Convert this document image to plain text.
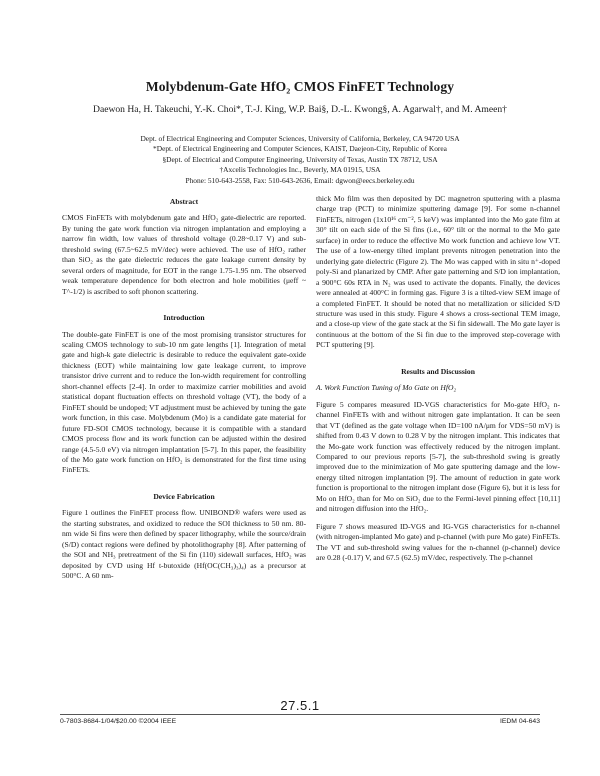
Molybdenum-Gate HfO₂ CMOS FinFET Technology
Daewon Ha, H. Takeuchi, Y.-K. Choi*, T.-J. King, W.P. Bai§, D.-L. Kwong§, A. Agarwal†, and M. Ameen†
Dept. of Electrical Engineering and Computer Sciences, University of California, Berkeley, CA 94720 USA
*Dept. of Electrical Engineering and Computer Sciences, KAIST, Daejeon-City, Republic of Korea
§Dept. of Electrical and Computer Engineering, University of Texas, Austin TX 78712, USA
†Axcelis Technologies Inc., Beverly, MA 01915, USA
Phone: 510-643-2558, Fax: 510-643-2636, Email: dgwon@eecs.berkeley.edu
Abstract

CMOS FinFETs with molybdenum gate and HfO₂ gate-dielectric are reported. By tuning the gate work function via nitrogen implantation and employing a narrow fin width, low values of threshold voltage (0.28~0.17 V) and sub-threshold swing (67.5~62.5 mV/dec) were achieved. The use of HfO₂ rather than SiO₂ as the gate dielectric reduces the gate leakage current density by several orders of magnitude, for EOT in the range 1.75-1.95 nm. The observed weak temperature dependence for both electron and hole mobilities (μeff ~ T^-1/2) is ascribed to soft phonon scattering.

Introduction

The double-gate FinFET is one of the most promising transistor structures for scaling CMOS technology to sub-10 nm gate lengths [1]. Integration of metal gate and high-k gate dielectric is desirable to reduce the equivalent gate-oxide thickness (EOT) while maintaining low gate leakage current, to improve transistor drive current and to reduce the Ion-width requirement for controlling short-channel effects [2-4]. In order to maximize carrier mobilities and avoid statistical dopant fluctuation effects on threshold voltage (VT), the body of a FinFET should be undoped; VT adjustment must be achieved by tuning the gate work function, in this case. Molybdenum (Mo) is a candidate gate material for future FD-SOI CMOS technology, because it is compatible with a standard CMOS process flow and its work function can be adjusted within the desired range (4.5-5.0 eV) via nitrogen implantation [5-7]. In this paper, the feasibility of the Mo gate work function on HfO₂ is demonstrated for the first time using FinFETs.

Device Fabrication

Figure 1 outlines the FinFET process flow. UNIBOND® wafers were used as the starting substrates, and oxidized to reduce the SOI thickness to 50 nm. 80-nm wide Si fins were then defined by spacer lithography, while the source/drain (S/D) contact regions were defined by photolithography [8]. After patterning of the SOI and NH₃ pretreatment of the Si fin (110) sidewall surfaces, HfO₂ was deposited by CVD using Hf t-butoxide (Hf(OC(CH₃)₃)₄) as a precursor at 500°C. A 60 nm-

thick Mo film was then deposited by DC magnetron sputtering with a plasma charge trap (PCT) to minimize sputtering damage [9]. For some n-channel FinFETs, nitrogen (1x10¹⁶ cm⁻², 5 keV) was implanted into the Mo gate film at 30° tilt on each side of the Si fins (i.e., 60° tilt or the normal to the Mo gate surface) in order to reduce the effective Mo work function and achieve low VT. The use of a low-energy tilted implant prevents nitrogen penetration into the underlying gate dielectric (Figure 2). The Mo was capped with in situ n⁺-doped poly-Si and planarized by CMP. After gate patterning and S/D ion implantation, a 900°C 60s RTA in N₂ was used to activate the dopants. Finally, the devices were annealed at 400°C in forming gas. Figure 3 is a tilted-view SEM image of a completed FinFET. It should be noted that no metallization or silicided S/D structure was used in this study. Figure 4 shows a cross-sectional TEM image, and a close-up view of the gate stack at the Si fin sidewall. The Mo gate layer is continuous at the bottom of the Si fin due to the improved step-coverage with PCT sputtering [9].

Results and Discussion
A. Work Function Tuning of Mo Gate on HfO₂

Figure 5 compares measured ID-VGS characteristics for Mo-gate HfO₂ n-channel FinFETs with and without nitrogen gate implantation. It can be seen that VT (defined as the gate voltage when ID=100 nA/μm for VDS=50 mV) is shifted from 0.43 V down to 0.28 V by the nitrogen implant. This indicates that the Mo-gate work function was effectively reduced by the nitrogen implant. Compared to our previous reports [5-7], the sub-threshold swing is greatly improved due to the minimization of Mo gate sputtering damage and the low-energy tilted nitrogen implantation [9]. The amount of reduction in gate work function is proportional to the nitrogen implant dose (Figure 6), but it is less for Mo on HfO₂ than for Mo on SiO₂ due to the Fermi-level pinning effect [10,11] and nitrogen diffusion into the HfO₂.

Figure 7 shows measured ID-VGS and IG-VGS characteristics for n-channel (with nitrogen-implanted Mo gate) and p-channel (with pure Mo gate) FinFETs. The VT and sub-threshold swing values for the n-channel (p-channel) device are 0.28 (-0.17) V, and 67.5 (62.5) mV/dec, respectively. The p-channel

27.5.1
0-7803-8684-1/04/$20.00 ©2004 IEEE	IEDM 04-643
